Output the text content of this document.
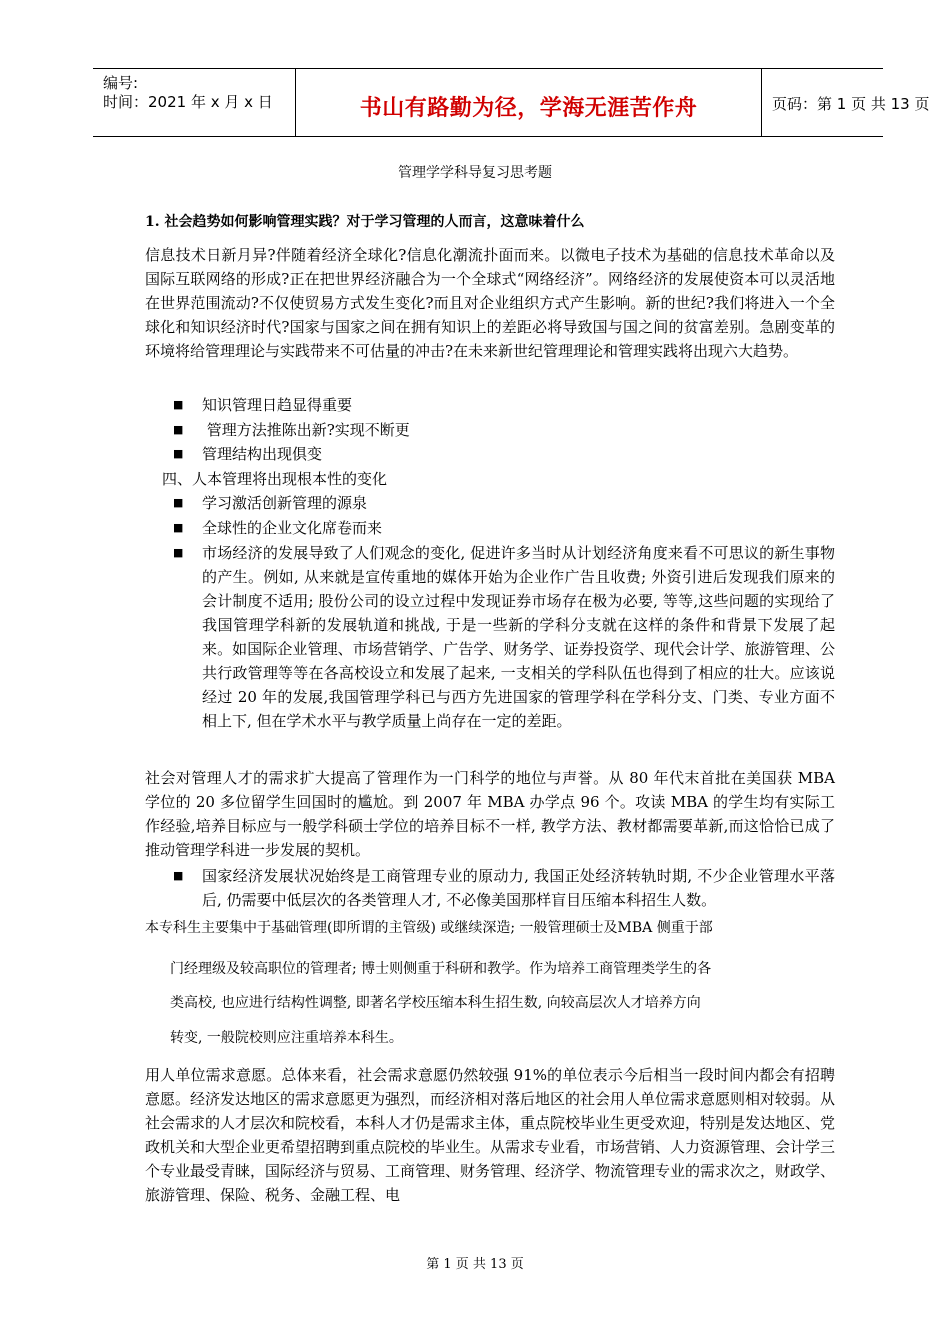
编号:
时间：2021 年 x 月 x 日	书山有路勤为径，学海无涯苦作舟	页码：第 1 页 共 13 页
管理学学科导复习思考题
1. 社会趋势如何影响管理实践？对于学习管理的人而言，这意味着什么
信息技术日新月异?伴随着经济全球化?信息化潮流扑面而来。以微电子技术为基础的信息技术革命以及国际互联网络的形成?正在把世界经济融合为一个全球式“网络经济”。网络经济的发展使资本可以灵活地在世界范围流动?不仅使贸易方式发生变化?而且对企业组织方式产生影响。新的世纪?我们将进入一个全球化和知识经济时代?国家与国家之间在拥有知识上的差距必将导致国与国之间的贫富差别。急剧变革的环境将给管理理论与实践带来不可估量的冲击?在未来新世纪管理理论和管理实践将出现六大趋势。
■ 知识管理日趋显得重要
■ 管理方法推陈出新?实现不断更
■ 管理结构出现俱变
四、人本管理将出现根本性的变化
■ 学习激活创新管理的源泉
■ 全球性的企业文化席卷而来
■ 市场经济的发展导致了人们观念的变化, 促进许多当时从计划经济角度来看不可思议的新生事物的产生。例如, 从来就是宣传重地的媒体开始为企业作广告且收费; 外资引进后发现我们原来的会计制度不适用; 股份公司的设立过程中发现证券市场存在极为必要, 等等,这些问题的实现给了我国管理学科新的发展轨道和挑战, 于是一些新的学科分支就在这样的条件和背景下发展了起来。如国际企业管理、市场营销学、广告学、财务学、证券投资学、现代会计学、旅游管理、公共行政管理等等在各高校设立和发展了起来, 一支相关的学科队伍也得到了相应的壮大。应该说经过 20 年的发展,我国管理学科已与西方先进国家的管理学科在学科分支、门类、专业方面不相上下, 但在学术水平与教学质量上尚存在一定的差距。
社会对管理人才的需求扩大提高了管理作为一门科学的地位与声誉。从 80 年代末首批在美国获 MBA 学位的 20 多位留学生回国时的尴尬。到 2007 年 MBA 办学点 96 个。攻读 MBA 的学生均有实际工作经验,培养目标应与一般学科硕士学位的培养目标不一样, 教学方法、教材都需要革新,而这恰恰已成了推动管理学科进一步发展的契机。
■ 国家经济发展状况始终是工商管理专业的原动力, 我国正处经济转轨时期, 不少企业管理水平落后, 仍需要中低层次的各类管理人才, 不必像美国那样盲目压缩本科招生人数。
本专科生主要集中于基础管理(即所谓的主管级) 或继续深造; 一般管理硕士及MBA 侧重于部
门经理级及较高职位的管理者; 博士则侧重于科研和教学。作为培养工商管理类学生的各
类高校, 也应进行结构性调整, 即著名学校压缩本科生招生数, 向较高层次人才培养方向
转变, 一般院校则应注重培养本科生。
用人单位需求意愿。总体来看，社会需求意愿仍然较强 91%的单位表示今后相当一段时间内都会有招聘意愿。经济发达地区的需求意愿更为强烈，而经济相对落后地区的社会用人单位需求意愿则相对较弱。从社会需求的人才层次和院校看，本科人才仍是需求主体，重点院校毕业生更受欢迎，特别是发达地区、党政机关和大型企业更希望招聘到重点院校的毕业生。从需求专业看，市场营销、人力资源管理、会计学三个专业最受青睐，国际经济与贸易、工商管理、财务管理、经济学、物流管理专业的需求次之，财政学、旅游管理、保险、税务、金融工程、电
第 1 页 共 13 页
